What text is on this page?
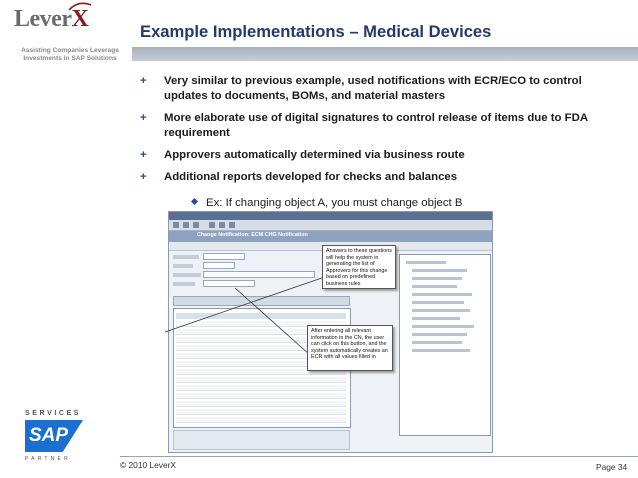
LeverX
Assisting Companies Leverage Investments in SAP Solutions
Example Implementations – Medical Devices
+	Very similar to previous example, used notifications with ECR/ECO to control updates to documents, BOMs, and material masters
+	More elaborate use of digital signatures to control release of items due to FDA requirement
+	Approvers automatically determined via business route
+	Additional reports developed for checks and balances
Ex: If changing object A, you must change object B
Change Notification: ECM CHG Notification
Answers to these questions will help the system in generating the list of Approvers for this change based on predefined business rules
After entering all relevant information in the CN, the user can click on this button, and the system automatically creates an ECR with all values filled in
SERVICES
SAP
PARTNER
© 2010 LeverX	Page 34
